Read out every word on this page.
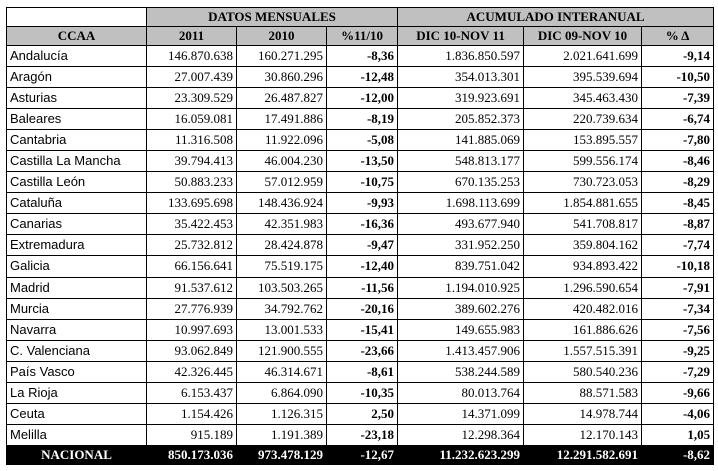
	DATOS MENSUALES			ACUMULADO INTERANUAL		
CCAA	2011	2010	%11/10	DIC 10-NOV 11	DIC 09-NOV 10	% Δ
Andalucía	146.870.638	160.271.295	-8,36	1.836.850.597	2.021.641.699	-9,14
Aragón	27.007.439	30.860.296	-12,48	354.013.301	395.539.694	-10,50
Asturias	23.309.529	26.487.827	-12,00	319.923.691	345.463.430	-7,39
Baleares	16.059.081	17.491.886	-8,19	205.852.373	220.739.634	-6,74
Cantabria	11.316.508	11.922.096	-5,08	141.885.069	153.895.557	-7,80
Castilla La Mancha	39.794.413	46.004.230	-13,50	548.813.177	599.556.174	-8,46
Castilla León	50.883.233	57.012.959	-10,75	670.135.253	730.723.053	-8,29
Cataluña	133.695.698	148.436.924	-9,93	1.698.113.699	1.854.881.655	-8,45
Canarias	35.422.453	42.351.983	-16,36	493.677.940	541.708.817	-8,87
Extremadura	25.732.812	28.424.878	-9,47	331.952.250	359.804.162	-7,74
Galicia	66.156.641	75.519.175	-12,40	839.751.042	934.893.422	-10,18
Madrid	91.537.612	103.503.265	-11,56	1.194.010.925	1.296.590.654	-7,91
Murcia	27.776.939	34.792.762	-20,16	389.602.276	420.482.016	-7,34
Navarra	10.997.693	13.001.533	-15,41	149.655.983	161.886.626	-7,56
C. Valenciana	93.062.849	121.900.555	-23,66	1.413.457.906	1.557.515.391	-9,25
País Vasco	42.326.445	46.314.671	-8,61	538.244.589	580.540.236	-7,29
La Rioja	6.153.437	6.864.090	-10,35	80.013.764	88.571.583	-9,66
Ceuta	1.154.426	1.126.315	2,50	14.371.099	14.978.744	-4,06
Melilla	915.189	1.191.389	-23,18	12.298.364	12.170.143	1,05
NACIONAL	850.173.036	973.478.129	-12,67	11.232.623.299	12.291.582.691	-8,62
